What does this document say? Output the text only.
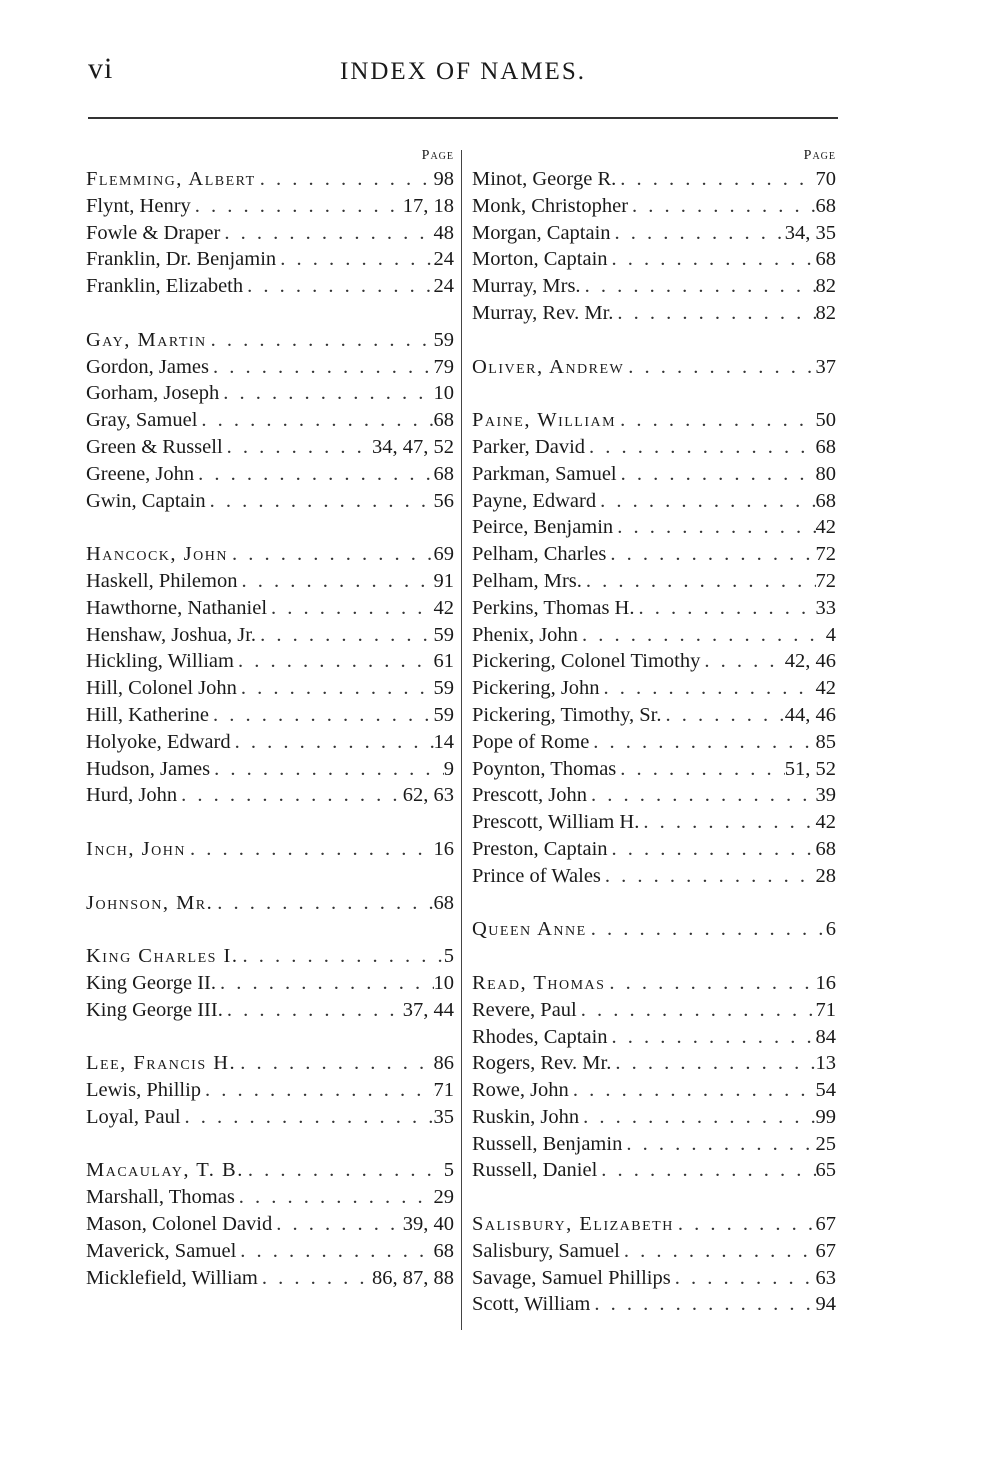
vi	INDEX OF NAMES.
Page
Flemming, Albert . . .	98
Flynt, Henry . . .	17, 18
Fowle & Draper . . .	48
Franklin, Dr. Benjamin . . .	24
Franklin, Elizabeth . . .	24
Gay, Martin . . .	59
Gordon, James . . .	79
Gorham, Joseph . . .	10
Gray, Samuel . . .	68
Green & Russell . . .	34, 47, 52
Greene, John . . .	68
Gwin, Captain . . .	56
Hancock, John . . .	69
Haskell, Philemon . . .	91
Hawthorne, Nathaniel . . .	42
Henshaw, Joshua, Jr. . . .	59
Hickling, William . . .	61
Hill, Colonel John . . .	59
Hill, Katherine . . .	59
Holyoke, Edward . . .	14
Hudson, James . . .	9
Hurd, John . . .	62, 63
Inch, John . . .	16
Johnson, Mr. . . .	68
King Charles I. . . .	5
King George II. . . .	10
King George III. . . .	37, 44
Lee, Francis H. . . .	86
Lewis, Phillip . . .	71
Loyal, Paul . . .	35
Macaulay, T. B. . . .	5
Marshall, Thomas . . .	29
Mason, Colonel David . . .	39, 40
Maverick, Samuel . . .	68
Micklefield, William . . .	86, 87, 88
Page
Minot, George R. . . .	70
Monk, Christopher . . .	68
Morgan, Captain . . .	34, 35
Morton, Captain . . .	68
Murray, Mrs. . . .	82
Murray, Rev. Mr. . . .	82
Oliver, Andrew . . .	37
Paine, William . . .	50
Parker, David . . .	68
Parkman, Samuel . . .	80
Payne, Edward . . .	68
Peirce, Benjamin . . .	42
Pelham, Charles . . .	72
Pelham, Mrs. . . .	72
Perkins, Thomas H. . . .	33
Phenix, John . . .	4
Pickering, Colonel Timothy . . .	42, 46
Pickering, John . . .	42
Pickering, Timothy, Sr. . . .	44, 46
Pope of Rome . . .	85
Poynton, Thomas . . .	51, 52
Prescott, John . . .	39
Prescott, William H. . . .	42
Preston, Captain . . .	68
Prince of Wales . . .	28
Queen Anne . . .	6
Read, Thomas . . .	16
Revere, Paul . . .	71
Rhodes, Captain . . .	84
Rogers, Rev. Mr. . . .	13
Rowe, John . . .	54
Ruskin, John . . .	99
Russell, Benjamin . . .	25
Russell, Daniel . . .	65
Salisbury, Elizabeth . . .	67
Salisbury, Samuel . . .	67
Savage, Samuel Phillips . . .	63
Scott, William . . .	94
